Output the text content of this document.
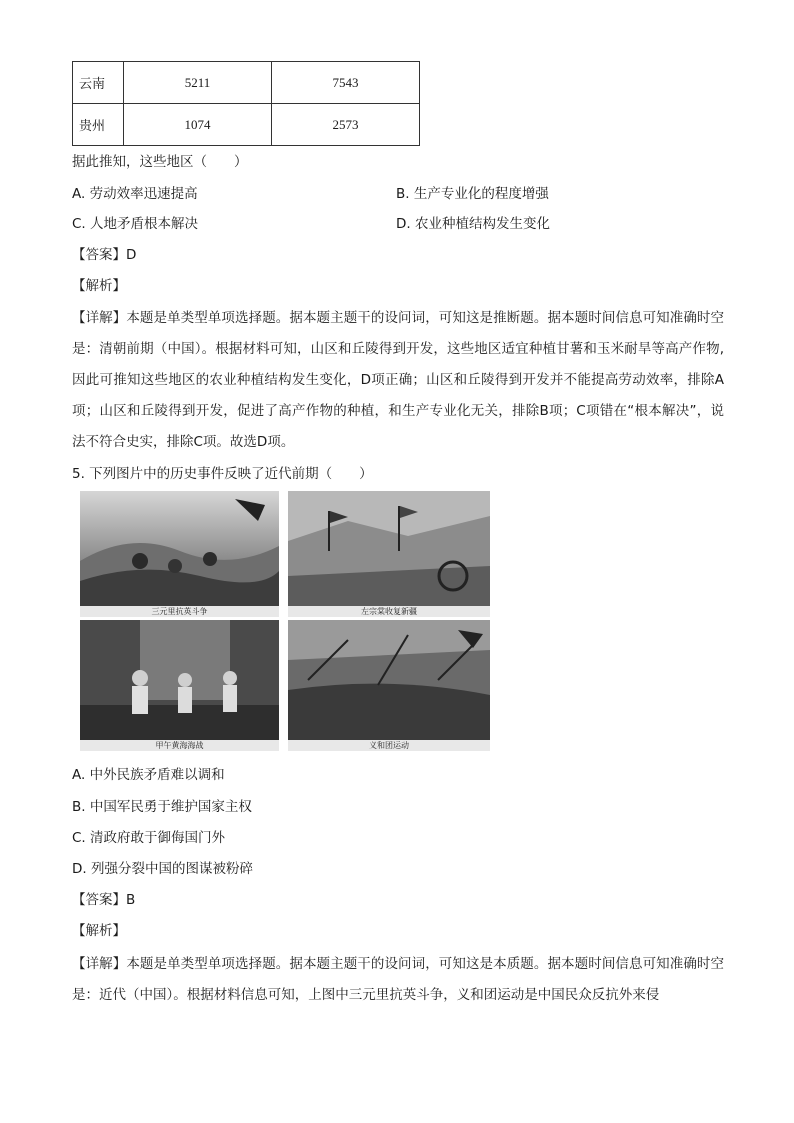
云南	5211	7543
贵州	1074	2573
据此推知，这些地区（　　）
A. 劳动效率迅速提高	B. 生产专业化的程度增强
C. 人地矛盾根本解决	D. 农业种植结构发生变化
【答案】D
【解析】
【详解】本题是单类型单项选择题。据本题主题干的设问词，可知这是推断题。据本题时间信息可知准确时空是：清朝前期（中国）。根据材料可知，山区和丘陵得到开发，这些地区适宜种植甘薯和玉米耐旱等高产作物,因此可推知这些地区的农业种植结构发生变化，D项正确；山区和丘陵得到开发并不能提高劳动效率，排除A项；山区和丘陵得到开发，促进了高产作物的种植，和生产专业化无关，排除B项；C项错在“根本解决”，说法不符合史实，排除C项。故选D项。
5. 下列图片中的历史事件反映了近代前期（　　）
三元里抗英斗争	左宗棠收复新疆
甲午黄海海战	义和团运动
A. 中外民族矛盾难以调和
B. 中国军民勇于维护国家主权
C. 清政府敢于御侮国门外
D. 列强分裂中国的图谋被粉碎
【答案】B
【解析】
【详解】本题是单类型单项选择题。据本题主题干的设问词，可知这是本质题。据本题时间信息可知准确时空是：近代（中国）。根据材料信息可知，上图中三元里抗英斗争，义和团运动是中国民众反抗外来侵
